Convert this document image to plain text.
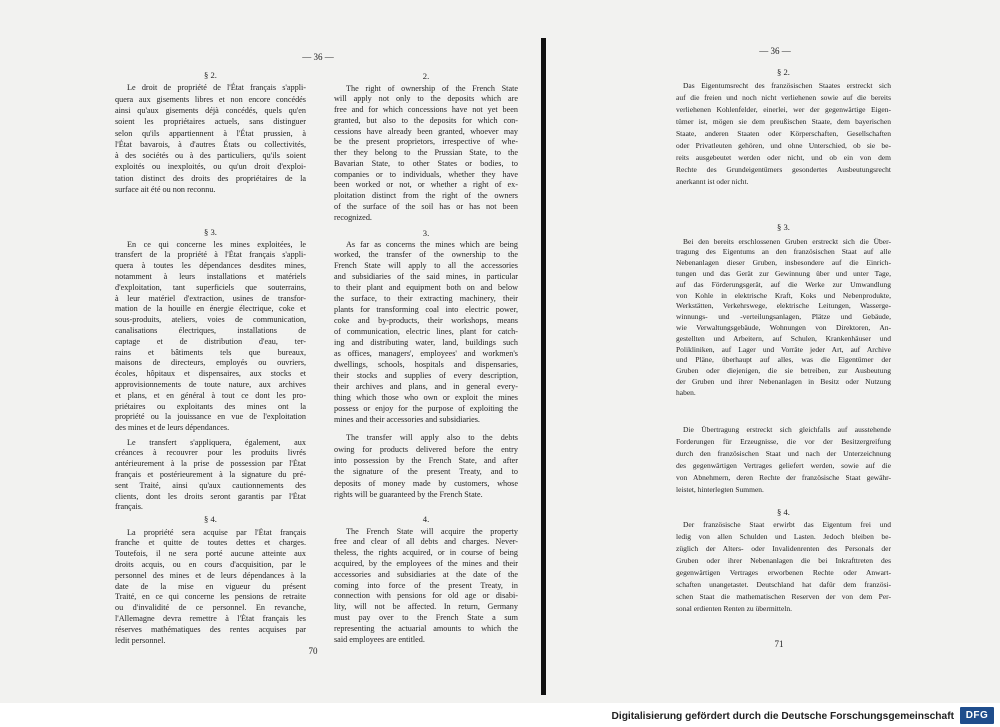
— 36 —
70
§ 2.
Le droit de propriété de l'État français s'appli-
quera aux gisements libres et non encore concédés
ainsi qu'aux gisements déjà concédés, quels qu'en
soient les propriétaires actuels, sans distinguer
selon qu'ils appartiennent à l'État prussien, à
l'État bavarois, à d'autres États ou collectivités,
à des sociétés ou à des particuliers, qu'ils soient
exploités ou inexploités, ou qu'un droit d'exploi-
tation distinct des droits des propriétaires de la
surface ait été ou non reconnu.
§ 3.
En ce qui concerne les mines exploitées, le
transfert de la propriété à l'État français s'appli-
quera à toutes les dépendances desdites mines,
notamment à leurs installations et matériels
d'exploitation, tant superficiels que souterrains,
à leur matériel d'extraction, usines de transfor-
mation de la houille en énergie électrique, coke et
sous-produits, ateliers, voies de communication,
canalisations électriques, installations de
captage et de distribution d'eau, ter-
rains et bâtiments tels que bureaux,
maisons de directeurs, employés ou ouvriers,
écoles, hôpitaux et dispensaires, aux stocks et
approvisionnements de toute nature, aux archives
et plans, et en général à tout ce dont les pro-
priétaires ou exploitants des mines ont la
propriété ou la jouissance en vue de l'exploitation
des mines et de leurs dépendances.
Le transfert s'appliquera, également, aux
créances à recouvrer pour les produits livrés
antérieurement à la prise de possession par l'État
français et postérieurement à la signature du pré-
sent Traité, ainsi qu'aux cautionnements des
clients, dont les droits seront garantis par l'État
français.
§ 4.
La propriété sera acquise par l'État français
franche et quitte de toutes dettes et charges.
Toutefois, il ne sera porté aucune atteinte aux
droits acquis, ou en cours d'acquisition, par le
personnel des mines et de leurs dépendances à la
date de la mise en vigueur du présent
Traité, en ce qui concerne les pensions de retraite
ou d'invalidité de ce personnel. En revanche,
l'Allemagne devra remettre à l'État français les
réserves mathématiques des rentes acquises par
ledit personnel.
2.
The right of ownership of the French State
will apply not only to the deposits which are
free and for which concessions have not yet been
granted, but also to the deposits for which con-
cessions have already been granted, whoever may
be the present proprietors, irrespective of whe-
ther they belong to the Prussian State, to the
Bavarian State, to other States or bodies, to
companies or to individuals, whether they have
been worked or not, or whether a right of ex-
ploitation distinct from the right of the owners
of the surface of the soil has or has not been
recognized.
3.
As far as concerns the mines which are being
worked, the transfer of the ownership to the
French State will apply to all the accessories
and subsidiaries of the said mines, in particular
to their plant and equipment both on and below
the surface, to their extracting machinery, their
plants for transforming coal into electric power,
coke and by-products, their workshops, means
of communication, electric lines, plant for catch-
ing and distributing water, land, buildings such
as offices, managers', employees' and workmen's
dwellings, schools, hospitals and dispensaries,
their stocks and supplies of every description,
their archives and plans, and in general every-
thing which those who own or exploit the mines
possess or enjoy for the purpose of exploiting the
mines and their accessories and subsidiaries.
The transfer will apply also to the debts
owing for products delivered before the entry
into possession by the French State, and after
the signature of the present Treaty, and to
deposits of money made by customers, whose
rights will be guaranteed by the French State.
4.
The French State will acquire the property
free and clear of all debts and charges. Never-
theless, the rights acquired, or in course of being
acquired, by the employees of the mines and their
accessories and subsidiaries at the date of the
coming into force of the present Treaty, in
connection with pensions for old age or disabi-
lity, will not be affected. In return, Germany
must pay over to the French State a sum
representing the actuarial amounts to which the
said employees are entitled.
— 36 —
71
§ 2.
Das Eigentumsrecht des französischen Staates erstreckt sich
auf die freien und noch nicht verliehenen sowie auf die bereits
verliehenen Kohlenfelder, einerlei, wer der gegenwärtige Eigen-
tümer ist, mögen sie dem preußischen Staate, dem bayerischen
Staate, anderen Staaten oder Körperschaften, Gesellschaften
oder Privatleuten gehören, und ohne Unterschied, ob sie be-
reits ausgebeutet werden oder nicht, und ob ein von dem
Rechte des Grundeigentümers gesondertes Ausbeutungsrecht
anerkannt ist oder nicht.
§ 3.
Bei den bereits erschlossenen Gruben erstreckt sich die Über-
tragung des Eigentums an den französischen Staat auf alle
Nebenanlagen dieser Gruben, insbesondere auf die Einrich-
tungen und das Gerät zur Gewinnung über und unter Tage,
auf das Förderungsgerät, auf die Werke zur Umwandlung
von Kohle in elektrische Kraft, Koks und Nebenprodukte,
Werkstätten, Verkehrswege, elektrische Leitungen, Wasserge-
winnungs- und -verteilungsanlagen, Plätze und Gebäude,
wie Verwaltungsgebäude, Wohnungen von Direktoren, An-
gestellten und Arbeitern, auf Schulen, Krankenhäuser und
Polikliniken, auf Lager und Vorräte jeder Art, auf Archive
und Pläne, überhaupt auf alles, was die Eigentümer der
Gruben oder diejenigen, die sie betreiben, zur Ausbeutung
der Gruben und ihrer Nebenanlagen in Besitz oder Nutzung
haben.
Die Übertragung erstreckt sich gleichfalls auf ausstehende
Forderungen für Erzeugnisse, die vor der Besitzergreifung
durch den französischen Staat und nach der Unterzeichnung
des gegenwärtigen Vertrages geliefert werden, sowie auf die
von Abnehmern, deren Rechte der französische Staat gewähr-
leistet, hinterlegten Summen.
§ 4.
Der französische Staat erwirbt das Eigentum frei und
ledig von allen Schulden und Lasten. Jedoch bleiben be-
züglich der Alters- oder Invalidenrenten des Personals der
Gruben oder ihrer Nebenanlagen die bei Inkrafttreten des
gegenwärtigen Vertrages erworbenen Rechte oder Anwart-
schaften unangetastet. Deutschland hat dafür dem französi-
schen Staat die mathematischen Reserven der von dem Per-
sonal erdienten Renten zu übermitteln.
Digitalisierung gefördert durch die Deutsche Forschungsgemeinschaft	DFG
